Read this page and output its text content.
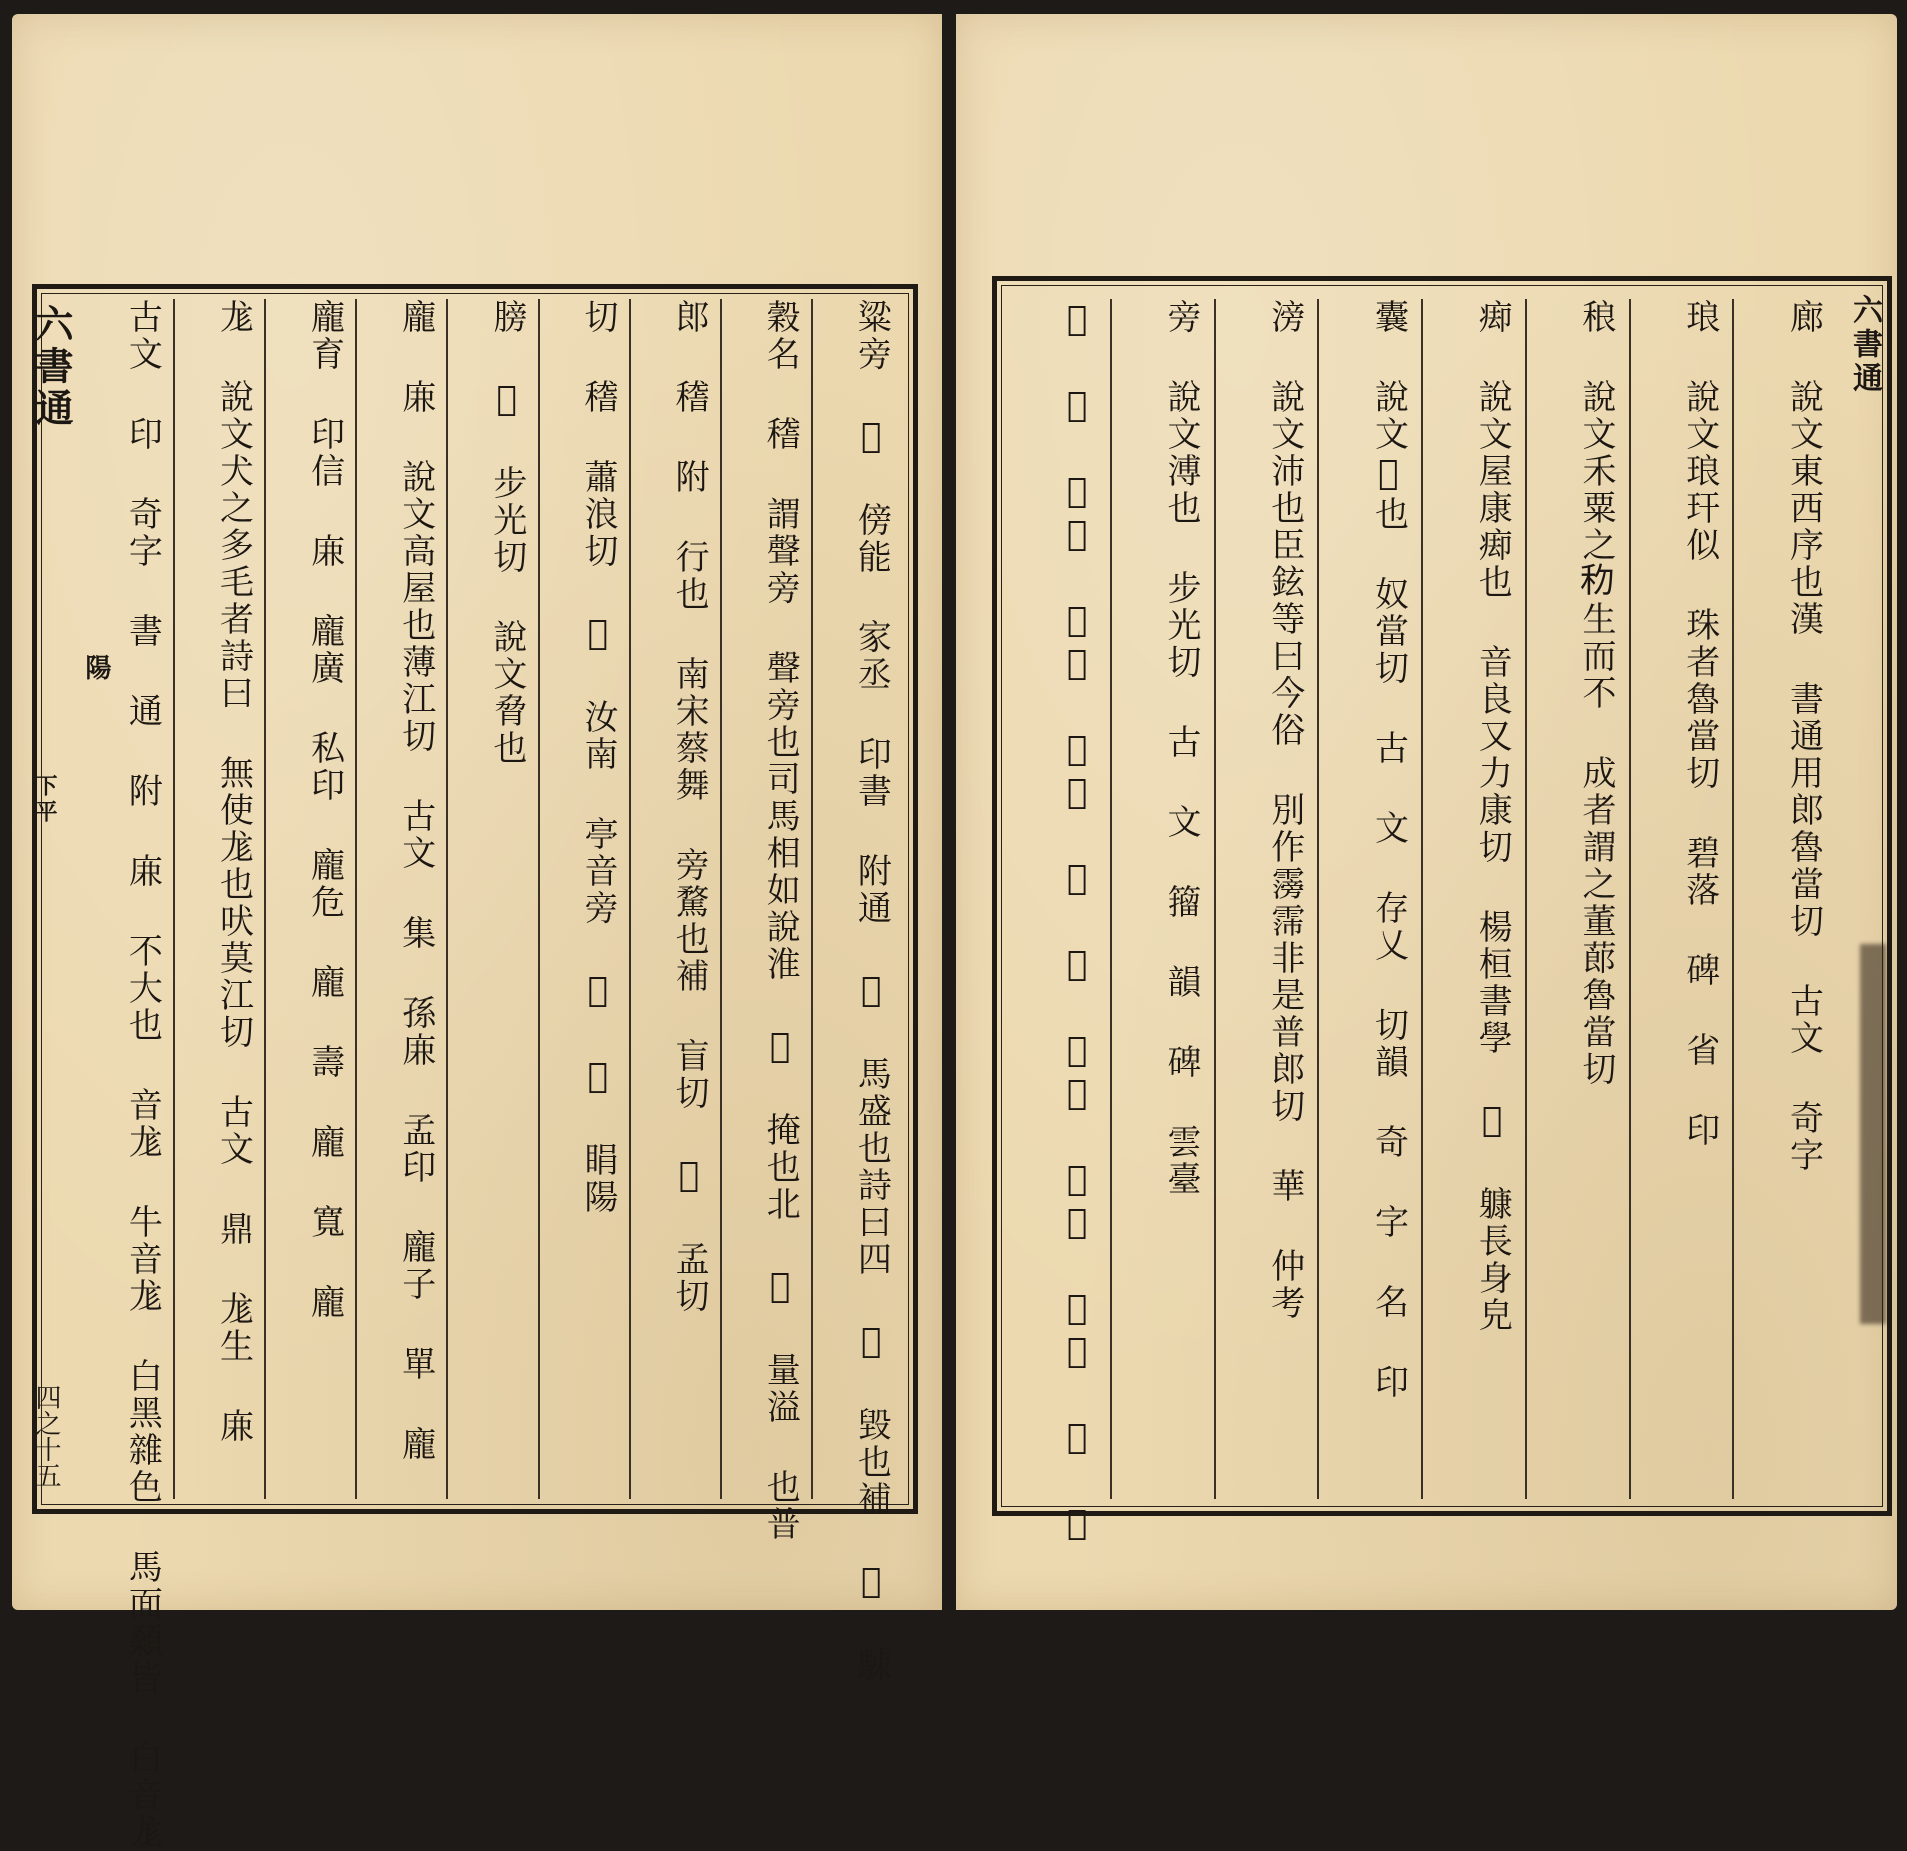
六書通
陽
下平
四之十五	粱旁 𣍌 傍能 家丞 印書 附通 𩦪 馬盛也詩曰四 𩦪 毀也補 𩦪 駷
穀名 𥡴 謂聲旁 聲旁也司馬相如說淮 𩦪 掩也北 𩦪 量溢 也普
郎 𥡴 附 行也 南宋蔡舞 旁騖也補 盲切 𦠵 孟切
切 𥡴 蕭浪切 𧇊 汝南 亭音旁 𦠵 𦠵 睊陽
膀 𦠵 步光切 說文脅也
龐 𢈘 說文高屋也薄江切 古文 集 孫𢈘 孟印 龐子 單 龐
龐育 印信 𢈘 龐廣 私印 龐危 龐 壽 龐 寬 龐
尨 說文犬之多毛者詩曰 無使尨也吠莫江切 古文 鼎 尨生 𢈘
古文 印 奇字 書 通 附 𢈘 不大也 音尨 牛音尨 白黑雜色 馬面顙皆 白音尨	六書通
廊 說文東西序也漢 書通用郎魯當切 古文 奇字
琅 說文琅玕似 珠者魯當切 碧落 碑 省 印
稂 說文禾粟之𥝢生而不 成者謂之董蓈魯當切
㾡 說文屋康㾡也 音良又力康切 楊桓書學 𣝧 躿長身皃
囊 說文𣍌也 奴當切 古 文 存乂 切韻 奇 字 名 印
滂 說文沛也臣鉉等曰今俗 別作霶霈非是普郎切 華 仲考
旁 說文溥也 步光切 古 文 籀 韻 碑 雲臺
𠩵 尹 奇字 林罕 小異 集 章 義雲 希裕 略古 書 學
